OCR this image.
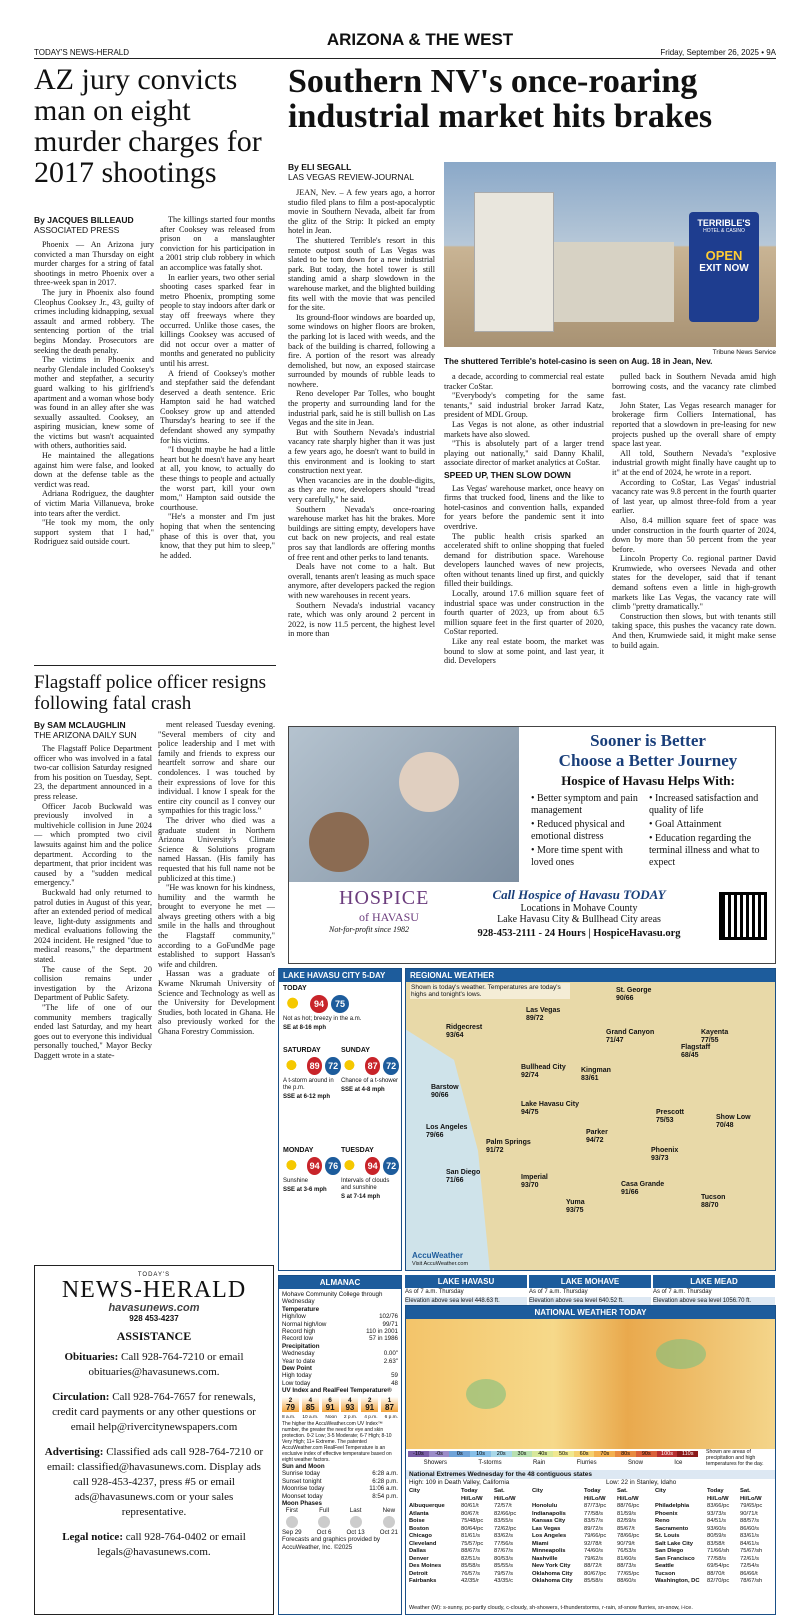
TODAY'S NEWS-HERALD
ARIZONA & THE WEST
Friday, September 26, 2025 • 9A
AZ jury convicts man on eight murder charges for 2017 shootings
By JACQUES BILLEAUD
ASSOCIATED PRESS

Phoenix — An Arizona jury convicted a man Thursday on eight murder charges for a string of fatal shootings in metro Phoenix over a three-week span in 2017.

The jury in Phoenix also found Cleophus Cooksey Jr., 43, guilty of crimes including kidnapping, sexual assault and armed robbery. The sentencing portion of the trial begins Monday. Prosecutors are seeking the death penalty.

The victims in Phoenix and nearby Glendale included Cooksey's mother and stepfather, a security guard walking to his girlfriend's apartment and a woman whose body was found in an alley after she was sexually assaulted. Cooksey, an aspiring musician, knew some of the victims but wasn't acquainted with others, authorities said.

He maintained the allegations against him were false, and looked down at the defense table as the verdict was read.

Adriana Rodriguez, the daughter of victim Maria Villanueva, broke into tears after the verdict.

"He took my mom, the only support system that I had," Rodriguez said outside court.

The killings started four months after Cooksey was released from prison on a manslaughter conviction for his participation in a 2001 strip club robbery in which an accomplice was fatally shot.

In earlier years, two other serial shooting cases sparked fear in metro Phoenix, prompting some people to stay indoors after dark or stay off freeways where they occurred. Unlike those cases, the killings Cooksey was accused of did not occur over a matter of months and generated no publicity until his arrest.

A friend of Cooksey's mother and stepfather said the defendant deserved a death sentence. Eric Hampton said he had watched Cooksey grow up and attended Thursday's hearing to see if the defendant showed any sympathy for his victims.

"I thought maybe he had a little heart but he doesn't have any heart at all, you know, to actually do these things to people and actually the worst part, kill your own mom," Hampton said outside the courthouse.

"He's a monster and I'm just hoping that when the sentencing phase of this is over that, you know, that they put him to sleep," he added.

Southern NV's once-roaring industrial market hits brakes
By ELI SEGALL
LAS VEGAS REVIEW-JOURNAL

JEAN, Nev. – A few years ago, a horror studio filed plans to film a post-apocalyptic movie in Southern Nevada, albeit far from the glitz of the Strip: It picked an empty hotel in Jean.

The shuttered Terrible's resort in this remote outpost south of Las Vegas was slated to be torn down for a new industrial park. But today, the hotel tower is still standing amid a sharp slowdown in the warehouse market, and the blighted building fits well with the movie that was penciled for the site.

Its ground-floor windows are boarded up, some windows on higher floors are broken, the parking lot is laced with weeds, and the back of the building is charred, following a fire. A portion of the resort was already demolished, but now, an exposed staircase surrounded by mounds of rubble leads to nowhere.

Reno developer Par Tolles, who bought the property and surrounding land for the industrial park, said he is still bullish on Las Vegas and the site in Jean.

But with Southern Nevada's industrial vacancy rate sharply higher than it was just a few years ago, he doesn't want to build in this environment and is looking to start construction next year.

When vacancies are in the double-digits, as they are now, developers should "tread very carefully," he said.

Southern Nevada's once-roaring warehouse market has hit the brakes. More buildings are sitting empty, developers have cut back on new projects, and real estate pros say that landlords are offering months of free rent and other perks to land tenants.

Deals have not come to a halt. But overall, tenants aren't leasing as much space anymore, after developers packed the region with new warehouses in recent years.

Southern Nevada's industrial vacancy rate, which was only around 2 percent in 2022, is now 11.5 percent, the highest level in more than

TERRIBLE'S
HOTEL & CASINO
OPEN
EXIT NOW
Tribune News Service
The shuttered Terrible's hotel-casino is seen on Aug. 18 in Jean, Nev.

a decade, according to commercial real estate tracker CoStar.

"Everybody's competing for the same tenants," said industrial broker Jarrad Katz, president of MDL Group.

Las Vegas is not alone, as other industrial markets have also slowed.

"This is absolutely part of a larger trend playing out nationally," said Danny Khalil, associate director of market analytics at CoStar.

SPEED UP, THEN SLOW DOWN

Las Vegas' warehouse market, once heavy on firms that trucked food, linens and the like to hotel-casinos and convention halls, expanded for years before the pandemic sent it into overdrive.

The public health crisis sparked an accelerated shift to online shopping that fueled demand for distribution space. Warehouse developers launched waves of new projects, often without tenants lined up first, and quickly filled their buildings.

Locally, around 17.6 million square feet of industrial space was under construction in the fourth quarter of 2023, up from about 6.5 million square feet in the first quarter of 2020, CoStar reported.

Like any real estate boom, the market was bound to slow at some point, and last year, it did. Developers

pulled back in Southern Nevada amid high borrowing costs, and the vacancy rate climbed fast.

John Stater, Las Vegas research manager for brokerage firm Colliers International, has reported that a slowdown in pre-leasing for new projects pushed up the overall share of empty space last year.

All told, Southern Nevada's "explosive industrial growth might finally have caught up to it" at the end of 2024, he wrote in a report.

According to CoStar, Las Vegas' industrial vacancy rate was 9.8 percent in the fourth quarter of last year, up almost three-fold from a year earlier.

Also, 8.4 million square feet of space was under construction in the fourth quarter of 2024, down by more than 50 percent from the year before.

Lincoln Property Co. regional partner David Krumwiede, who oversees Nevada and other states for the developer, said that if tenant demand softens even a little in high-growth markets like Las Vegas, the vacancy rate will climb "pretty dramatically."

Construction then slows, but with tenants still taking space, this pushes the vacancy rate down. And then, Krumwiede said, it might make sense to build again.

Flagstaff police officer resigns following fatal crash
By SAM MCLAUGHLIN
THE ARIZONA DAILY SUN

The Flagstaff Police Department officer who was involved in a fatal two-car collision Saturday resigned from his position on Tuesday, Sept. 23, the department announced in a press release.

Officer Jacob Buckwald was previously involved in a multivehicle collision in June 2024 — which prompted two civil lawsuits against him and the police department. According to the department, that prior incident was caused by a "sudden medical emergency."

Buckwald had only returned to patrol duties in August of this year, after an extended period of medical leave, light-duty assignments and medical evaluations following the 2024 incident. He resigned "due to medical reasons," the department stated.

The cause of the Sept. 20 collision remains under investigation by the Arizona Department of Public Safety.

"The life of one of our community members tragically ended last Saturday, and my heart goes out to everyone this individual personally touched," Mayor Becky Daggett wrote in a state-

ment released Tuesday evening. "Several members of city and police leadership and I met with family and friends to express our heartfelt sorrow and share our condolences. I was touched by their expressions of love for this individual. I know I speak for the entire city council as I convey our sympathies for this tragic loss."

The driver who died was a graduate student in Northern Arizona University's Climate Science & Solutions program named Hassan. (His family has requested that his full name not be publicized at this time.)

"He was known for his kindness, humility and the warmth he brought to everyone he met — always greeting others with a big smile in the halls and throughout the Flagstaff community," according to a GoFundMe page established to support Hassan's wife and children.

Hassan was a graduate of Kwame Nkrumah University of Science and Technology as well as the University for Development Studies, both located in Ghana. He also previously worked for the Ghana Forestry Commission.

Sooner is Better
Choose a Better Journey
Hospice of Havasu Helps With:
• Better symptom and pain management
• Reduced physical and emotional distress
• More time spent with loved ones
• Increased satisfaction and quality of life
• Goal Attainment
• Education regarding the terminal illness and what to expect
HOSPICE
of HAVASU
Not-for-profit since 1982
Call Hospice of Havasu TODAY
Locations in Mohave County
Lake Havasu City & Bullhead City areas
928-453-2111 - 24 Hours | HospiceHavasu.org
LAKE HAVASU CITY 5-DAY
TODAY
94	75
Not as hot; breezy in the a.m.
SE at 8-16 mph
SATURDAY
89 72
A t-storm around in the p.m.
SSE at 6-12 mph
SUNDAY
87 72
Chance of a t-shower
SSE at 4-8 mph
MONDAY
94 76
Sunshine
SSE at 3-6 mph
TUESDAY
94 72
Intervals of clouds and sunshine
S at 7-14 mph
REGIONAL WEATHER
Shown is today's weather. Temperatures are today's highs and tonight's lows.
St. George
90/66
Las Vegas
89/72
Kayenta
77/55
Ridgecrest
93/64	Grand Canyon
71/47
Flagstaff
68/45
Bullhead City
92/74
Kingman
83/61
Barstow
90/66
Lake Havasu City
94/75	Prescott
75/53	Show Low
70/48
Los Angeles
79/66
Palm Springs
91/72
Parker
94/72
Phoenix
93/73
San Diego
71/66	Imperial
93/70	Casa Grande
91/66
Yuma
93/75
Tucson
88/70
AccuWeather
Visit AccuWeather.com
ALMANAC
Mohave Community College through Wednesday
Temperature
High/low	102/76
Normal high/low	99/71
Record high	110 in 2001
Record low	57 in 1986
Precipitation
Wednesday	0.00"
Year to date	2.63"
Dew Point
High today	59
Low today	48
UV Index and RealFeel Temperature®
2
79
4
85
6
91
4
93
2
91
1
87
8 a.m. 10 a.m. Noon 2 p.m. 4 p.m. 6 p.m.
The higher the AccuWeather.com UV Index™ number, the greater the need for eye and skin protection. 0-2 Low; 3-5 Moderate; 6-7 High; 8-10 Very High; 11+ Extreme. The patented AccuWeather.com RealFeel Temperature is an exclusive index of effective temperature based on eight weather factors.
Sun and Moon
Sunrise today	6:28 a.m.
Sunset tonight	6:28 p.m.
Moonrise today	11:06 a.m.
Moonset today	8:54 p.m.
Moon Phases
First
Sep 29
Full
Oct 6
Last
Oct 13
New
Oct 21
Forecasts and graphics provided by AccuWeather, Inc. ©2025
LAKE HAVASU
As of 7 a.m. Thursday
Elevation above sea level 448.63 ft.
LAKE MOHAVE
As of 7 a.m. Thursday
Elevation above sea level 640.52 ft.
LAKE MEAD
As of 7 a.m. Thursday
Elevation above sea level 1056.70 ft.
NATIONAL WEATHER TODAY
-10s	-0s	0s	10s	20s	30s	40s	50s	60s	70s	80s	90s	100s	110s
Showers	T-storms	Rain	Flurries	Snow	Ice
Shown are areas of precipitation and high temperatures for the day.
National Extremes Wednesday for the 48 contiguous states
High: 109 in Death Valley, California	Low: 22 in Stanley, Idaho
City	Today Hi/Lo/W
Sat. Hi/Lo/W
Albuquerque	80/61/t	72/57/t
Atlanta	80/67/t	82/66/pc
Boise	75/48/pc	83/55/s
Boston	80/64/pc	72/62/pc
Chicago	81/61/s	83/62/s
Cleveland	75/57/pc	77/56/s
Dallas	88/67/s	87/67/s
Denver	82/51/s	80/53/s
Des Moines	85/58/s	85/55/s
Detroit	76/57/s	79/57/s
Fairbanks	42/35/r	43/35/c
City	Today Hi/Lo/W
Sat. Hi/Lo/W
Honolulu	87/73/pc	88/76/pc
Indianapolis	77/58/s	81/59/s
Kansas City	83/57/s	82/59/s
Las Vegas	89/72/s	85/67/t
Los Angeles	79/66/pc	78/66/pc
Miami	92/78/t	90/79/t
Minneapolis	74/60/s	76/53/s
Nashville	79/62/s	81/60/s
New York City	88/72/t	88/73/s
Oklahoma City	80/67/pc	77/65/pc
Oklahoma City	85/58/s	88/60/s
City	Today Hi/Lo/W
Sat. Hi/Lo/W
Philadelphia	83/66/pc	79/65/pc
Phoenix	93/73/s	90/71/t
Reno	84/51/s	88/57/s
Sacramento	93/60/s	86/60/s
St. Louis	80/59/s	83/61/s
Salt Lake City	83/58/t	84/61/s
San Diego	71/66/sh	75/67/sh
San Francisco	77/58/s	72/61/s
Seattle	69/54/pc	72/54/s
Tucson	88/70/t	86/66/t
Washington, DC	82/70/pc	78/67/sh
Weather (W): s-sunny, pc-partly cloudy, c-cloudy, sh-showers, t-thunderstorms, r-rain, sf-snow flurries, sn-snow, i-ice.
TODAY'S
NEWS-HERALD
havasunews.com
928 453-4237
ASSISTANCE
Obituaries: Call 928-764-7210 or email obituaries@havasunews.com.
Circulation: Call 928-764-7657 for renewals, credit card payments or any other questions or email help@rivercitynewspapers.com
Advertising: Classified ads call 928-764-7210 or email: classified@havasunews.com. Display ads call 928-453-4237, press #5 or email ads@havasunews.com or your sales representative.
Legal notice: call 928-764-0402 or email legals@havasunews.com.
